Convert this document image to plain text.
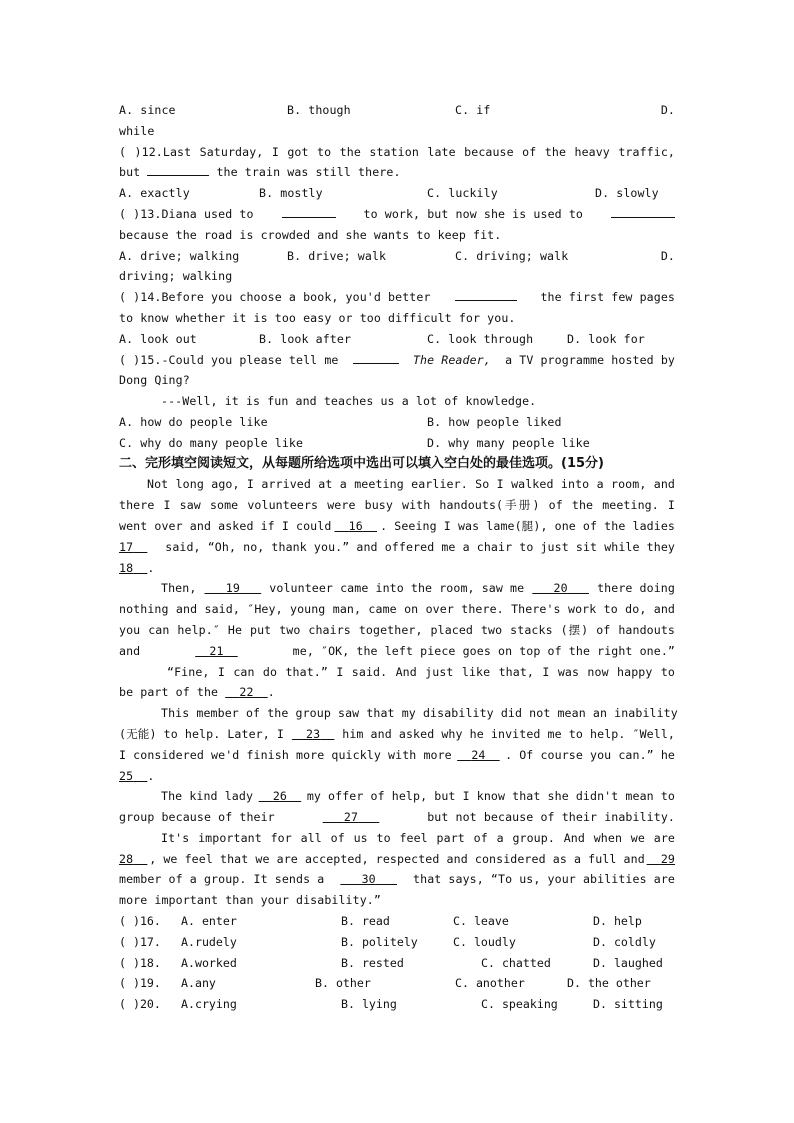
A. since	B. though	C. if	D.
while
( )12.Last Saturday, I got to the station late because of the heavy traffic,
but	the train was still there.
A. exactly	B. mostly	C. luckily	D. slowly
( )13.Diana used to	to work, but now she is used to
because the road is crowded and she wants to keep fit.
A. drive; walking	B. drive; walk	C. driving; walk	D.
driving; walking
( )14.Before you choose a book, you'd better	the first few pages
to know whether it is too easy or too difficult for you.
A. look out	B. look after	C. look through	D. look for
( )15.-Could you please tell me	The Reader, a TV programme hosted by
Dong Qing?
---Well, it is fun and teaches us a lot of knowledge.
A. how do people like	B. how people liked
C. why do many people like	D. why many people like
二、完形填空阅读短文，从每题所给选项中选出可以填入空白处的最佳选项。(15分)
Not long ago, I arrived at a meeting earlier. So I walked into a room, and
there I saw some volunteers were busy with handouts(手册) of the meeting. I
went over and asked if I could	16	. Seeing I was lame(腿), one of the ladies
17	said, “Oh, no, thank you.” and offered me a chair to just sit while they
18 .
Then,	19	volunteer came into the room, saw me	20	there doing
nothing and said, ″Hey, young man, came on over there. There's work to do, and
you can help.″ He put two chairs together, placed two stacks (摆) of handouts
and	21	me, ″OK, the left piece goes on top of the right one.”
“Fine, I can do that.” I said. And just like that, I was now happy to
be part of the 22 .
This member of the group saw that my disability did not mean an inability
(无能) to help. Later, I	23	him and asked why he invited me to help. ″Well,
I considered we'd finish more quickly with more	24	. Of course you can.” he
25 .
The kind lady	26	my offer of help, but I know that she didn't mean to
group because of their	27	but not because of their inability.
It's important for all of us to feel part of a group. And when we are
28	, we feel that we are accepted, respected and considered as a full and	29
member of a group. It sends a	30	that says, “To us, your abilities are
more important than your disability.”
( )16.	A. enter	B. read	C. leave	D. help
( )17.	A.rudely	B. politely	C. loudly	D. coldly
( )18.	A.worked	B. rested	C. chatted	D. laughed
( )19.	A.any	B. other	C. another	D. the other
( )20.	A.crying	B. lying	C. speaking	D. sitting
